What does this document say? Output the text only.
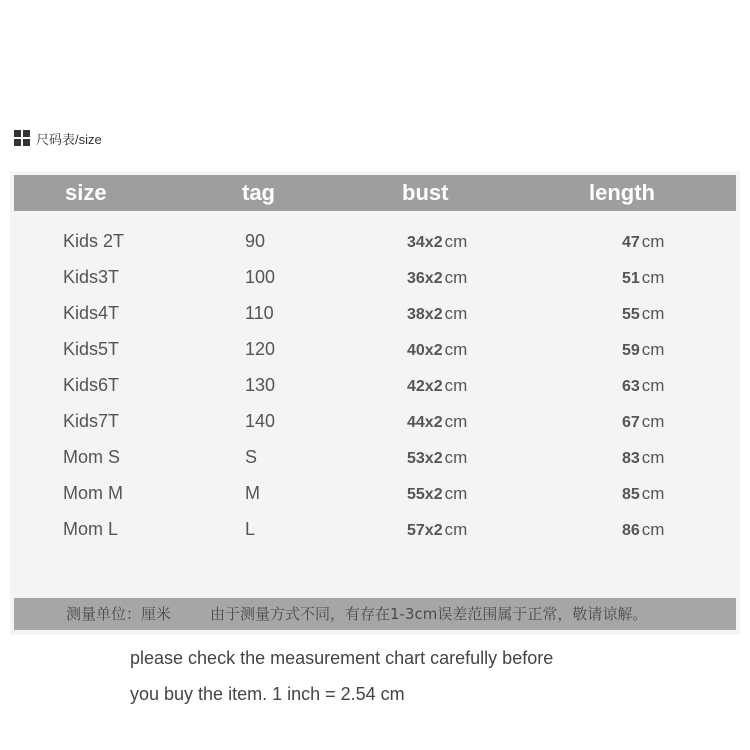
尺码表/size
size	tag	bust	length
Kids 2T	90	34x2 cm	47 cm
Kids3T	100	36x2 cm	51 cm
Kids4T	110	38x2 cm	55 cm
Kids5T	120	40x2 cm	59 cm
Kids6T	130	42x2 cm	63 cm
Kids7T	140	44x2 cm	67 cm
Mom S	S	53x2 cm	83 cm
Mom M	M	55x2 cm	85 cm
Mom L	L	57x2 cm	86 cm
测量单位：厘米	由于测量方式不同，有存在1-3cm误差范围属于正常，敬请谅解。
please check the measurement chart carefully before
you buy the item. 1 inch = 2.54 cm
